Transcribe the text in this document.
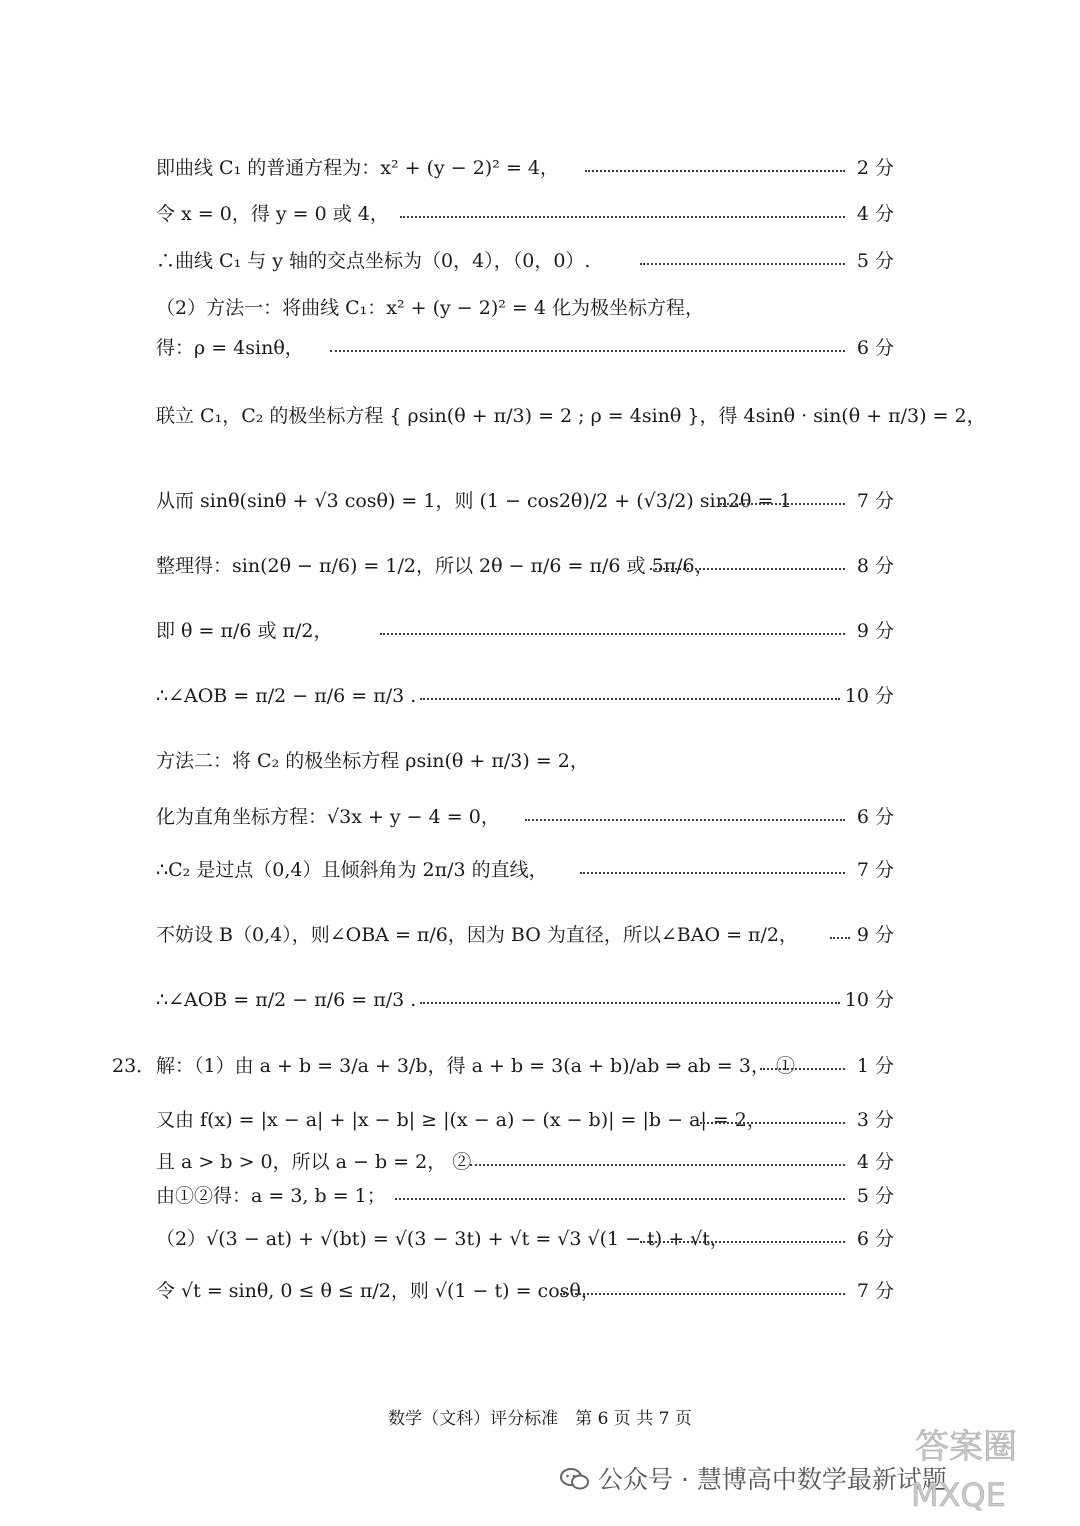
即曲线 C₁ 的普通方程为：x² + (y − 2)² = 4，	2 分
令 x = 0，得 y = 0 或 4，	4 分
∴曲线 C₁ 与 y 轴的交点坐标为（0，4），（0，0）.	5 分
（2）方法一：将曲线 C₁：x² + (y − 2)² = 4 化为极坐标方程，
得：ρ = 4sinθ，	6 分
联立 C₁，C₂ 的极坐标方程 { ρsin(θ + π/3) = 2 ; ρ = 4sinθ }，得 4sinθ · sin(θ + π/3) = 2，
从而 sinθ(sinθ + √3 cosθ) = 1，则 (1 − cos2θ)/2 + (√3/2) sin2θ = 1	7 分
整理得：sin(2θ − π/6) = 1/2，所以 2θ − π/6 = π/6 或 5π/6，	8 分
即 θ = π/6 或 π/2，	9 分
∴∠AOB = π/2 − π/6 = π/3 .	10 分
方法二：将 C₂ 的极坐标方程 ρsin(θ + π/3) = 2，
化为直角坐标方程：√3x + y − 4 = 0，	6 分
∴C₂ 是过点（0,4）且倾斜角为 2π/3 的直线，	7 分
不妨设 B（0,4），则∠OBA = π/6，因为 BO 为直径，所以∠BAO = π/2，	9 分
∴∠AOB = π/2 − π/6 = π/3 .	10 分
23． 解：（1）由 a + b = 3/a + 3/b，得 a + b = 3(a + b)/ab ⇒ ab = 3， ①	1 分
又由 f(x) = |x − a| + |x − b| ≥ |(x − a) − (x − b)| = |b − a| = 2，	3 分
且 a > b > 0，所以 a − b = 2， ②	4 分
由①②得：a = 3, b = 1；	5 分
（2）√(3 − at) + √(bt) = √(3 − 3t) + √t = √3 √(1 − t) + √t，	6 分
令 √t = sinθ, 0 ≤ θ ≤ π/2，则 √(1 − t) = cosθ，	7 分
数学（文科）评分标准　第 6 页 共 7 页
公众号 · 慧博高中数学最新试题
答案圈
MXQE
